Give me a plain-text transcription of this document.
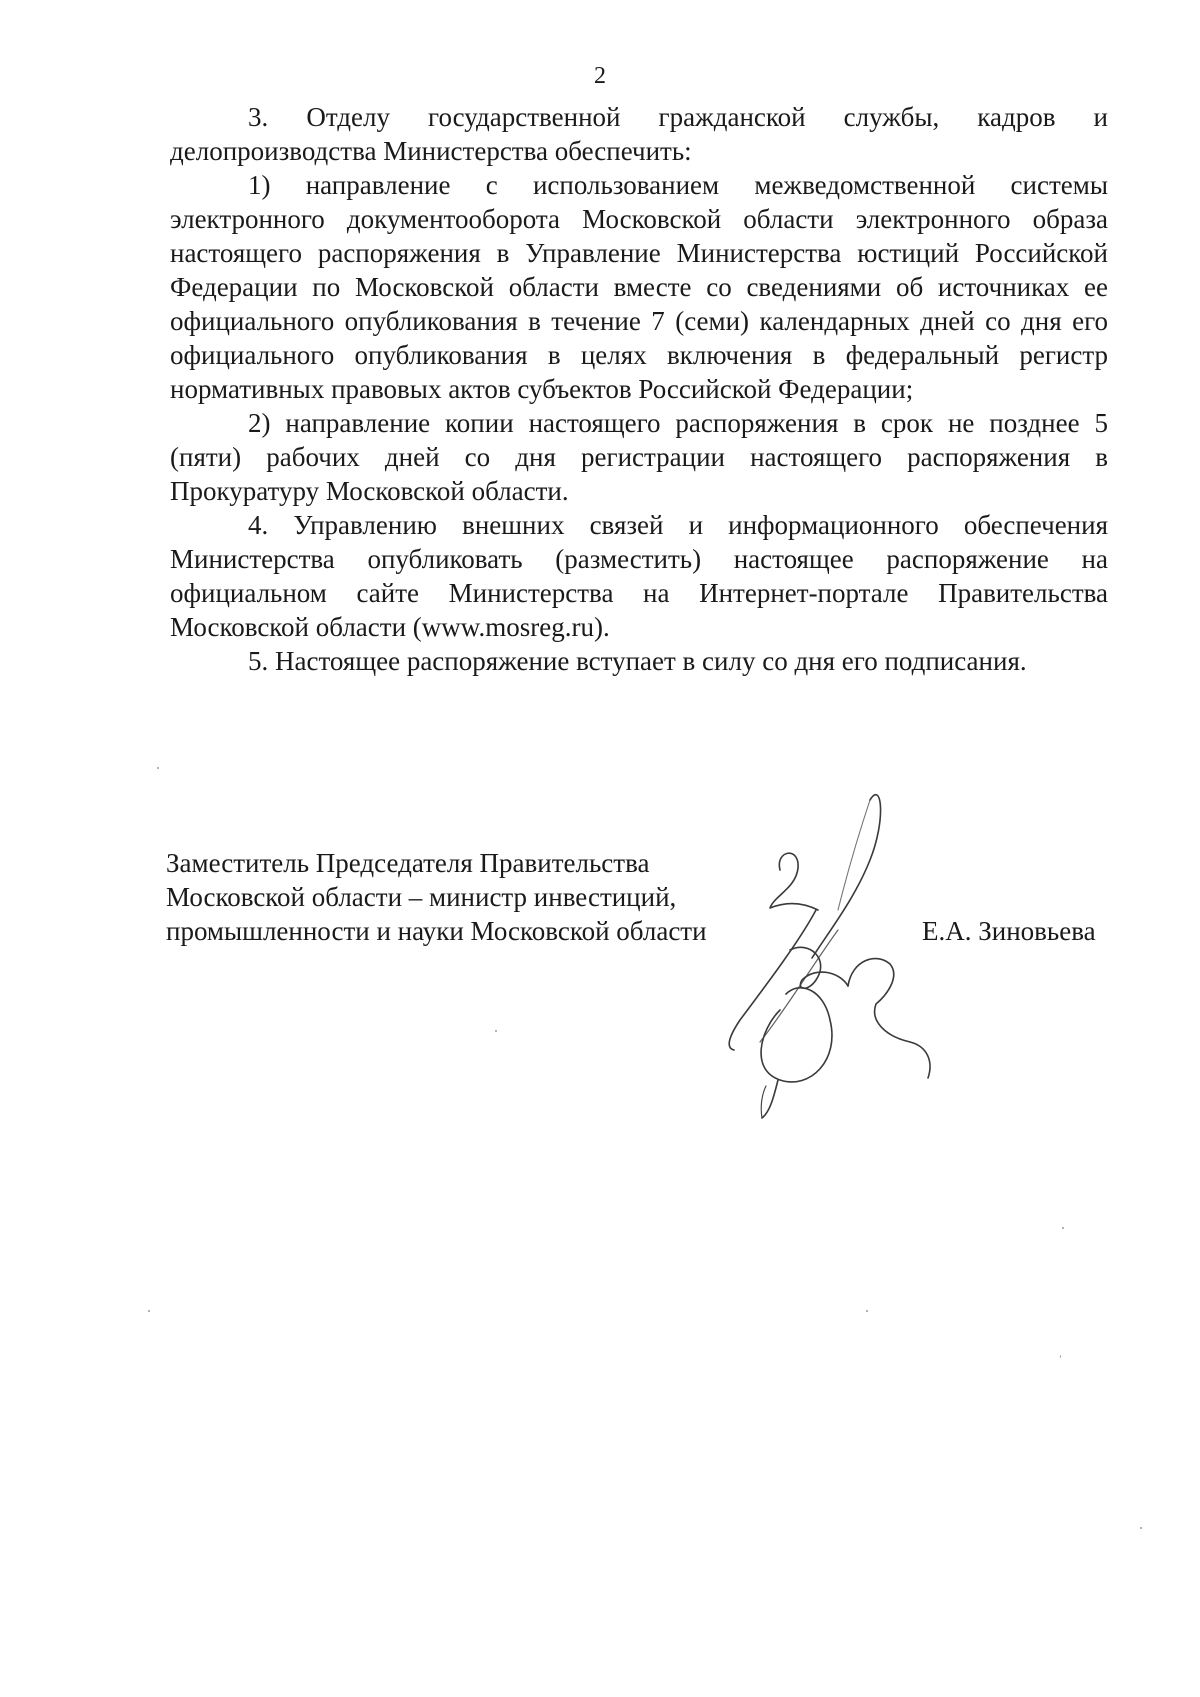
2

3. Отделу государственной гражданской службы, кадров и делопроизводства Министерства обеспечить:

1) направление с использованием межведомственной системы электронного документооборота Московской области электронного образа настоящего распоряжения в Управление Министерства юстиций Российской Федерации по Московской области вместе со сведениями об источниках ее официального опубликования в течение 7 (семи) календарных дней со дня его официального опубликования в целях включения в федеральный регистр нормативных правовых актов субъектов Российской Федерации;

2) направление копии настоящего распоряжения в срок не позднее 5 (пяти) рабочих дней со дня регистрации настоящего распоряжения в Прокуратуру Московской области.

4. Управлению внешних связей и информационного обеспечения Министерства опубликовать (разместить) настоящее распоряжение на официальном сайте Министерства на Интернет-портале Правительства Московской области (www.mosreg.ru).

5. Настоящее распоряжение вступает в силу со дня его подписания.

Заместитель Председателя Правительства
Московской области – министр инвестиций,
промышленности и науки Московской области	Е.А. Зиновьева
